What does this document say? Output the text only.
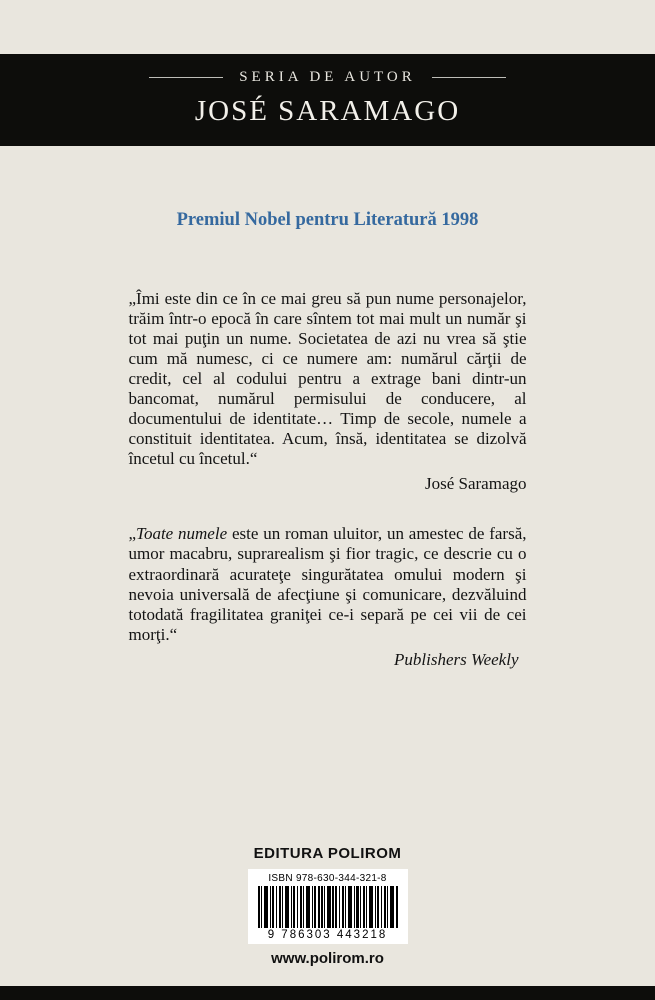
SERIA DE AUTOR
JOSÉ SARAMAGO
Premiul Nobel pentru Literatură 1998

„Îmi este din ce în ce mai greu să pun nume personajelor, trăim într-o epocă în care sîntem tot mai mult un număr şi tot mai puţin un nume. Societatea de azi nu vrea să ştie cum mă numesc, ci ce numere am: numărul cărţii de credit, cel al codului pentru a extrage bani dintr-un bancomat, numărul permisului de conducere, al documentului de identitate… Timp de secole, numele a constituit identitatea. Acum, însă, identitatea se dizolvă încetul cu încetul.“

José Saramago

„Toate numele este un roman uluitor, un amestec de farsă, umor macabru, suprarealism şi fior tragic, ce descrie cu o extraordinară acurateţe singurătatea omului modern şi nevoia universală de afecţiune şi comunicare, dezvăluind totodată fragilitatea graniţei ce-i separă pe cei vii de cei morţi.“

Publishers Weekly

EDITURA POLIROM
ISBN 978-630-344-321-8
9 786303 443218
www.polirom.ro
